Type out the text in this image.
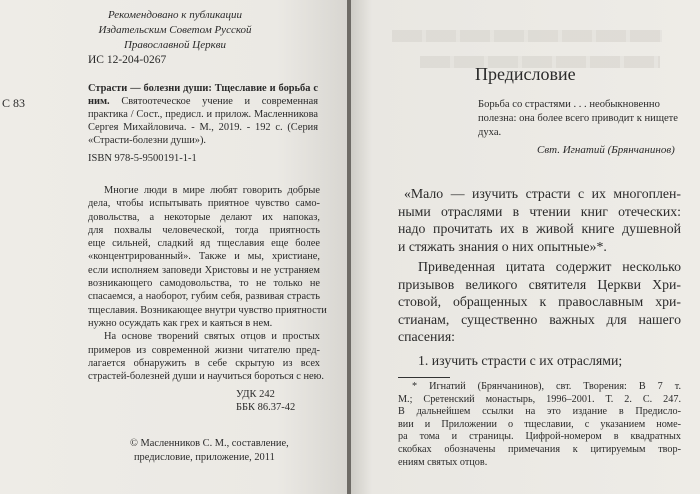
Рекомендовано к публикации
Издательским Советом Русской
Православной Церкви
ИС 12-204-0267
С 83
Страсти — болезни души: Тщеславие и борьба с ним. Святоотеческое учение и современная практика / Сост., предисл. и прилож. Масленникова Сергея Михайловича. - М., 2019. - 192 с. (Серия «Страсти-болезни души»).
ISBN 978-5-9500191-1-1
Многие люди в мире любят говорить добрые
дела, чтобы испытывать приятное чувство само-
довольства, а некоторые делают их напоказ,
для похвалы человеческой, тогда приятность
еще сильней, сладкий яд тщеславия еще более
«концентрированный». Также и мы, христиане,
если исполняем заповеди Христовы и не устраняем
возникающего самодовольства, то не только не
спасаемся, а наоборот, губим себя, развивая страсть
тщеславия. Возникающее внутри чувство приятности
нужно осуждать как грех и каяться в нем.
На основе творений святых отцов и простых
примеров из современной жизни читателю пред-
лагается обнаружить в себе скрытую из всех
страстей-болезней души и научиться бороться с нею.
УДК 242
ББК 86.37-42
© Масленников С. М., составление,
предисловие, приложение, 2011
Предисловие
Борьба со страстями . . . необыкновенно полезна: она более всего приводит к нищете духа.
Свт. Игнатий (Брянчанинов)
«Мало — изучить страсти с их многоплен-
ными отраслями в чтении книг отеческих:
надо прочитать их в живой книге душевной
и стяжать знания о них опытные»*.
Приведенная цитата содержит несколько
призывов великого святителя Церкви Хри-
стовой, обращенных к православным хри-
стианам, существенно важных для нашего
спасения:
1. изучить страсти с их отраслями;
* Игнатий (Брянчанинов), свт. Творения: В 7 т.
М.; Сретенский монастырь, 1996–2001. Т. 2. С. 247.
В дальнейшем ссылки на это издание в Предисло-
вии и Приложении о тщеславии, с указанием номе-
ра тома и страницы. Цифрой-номером в квадратных
скобках обозначены примечания к цитируемым твор-
ениям святых отцов.
